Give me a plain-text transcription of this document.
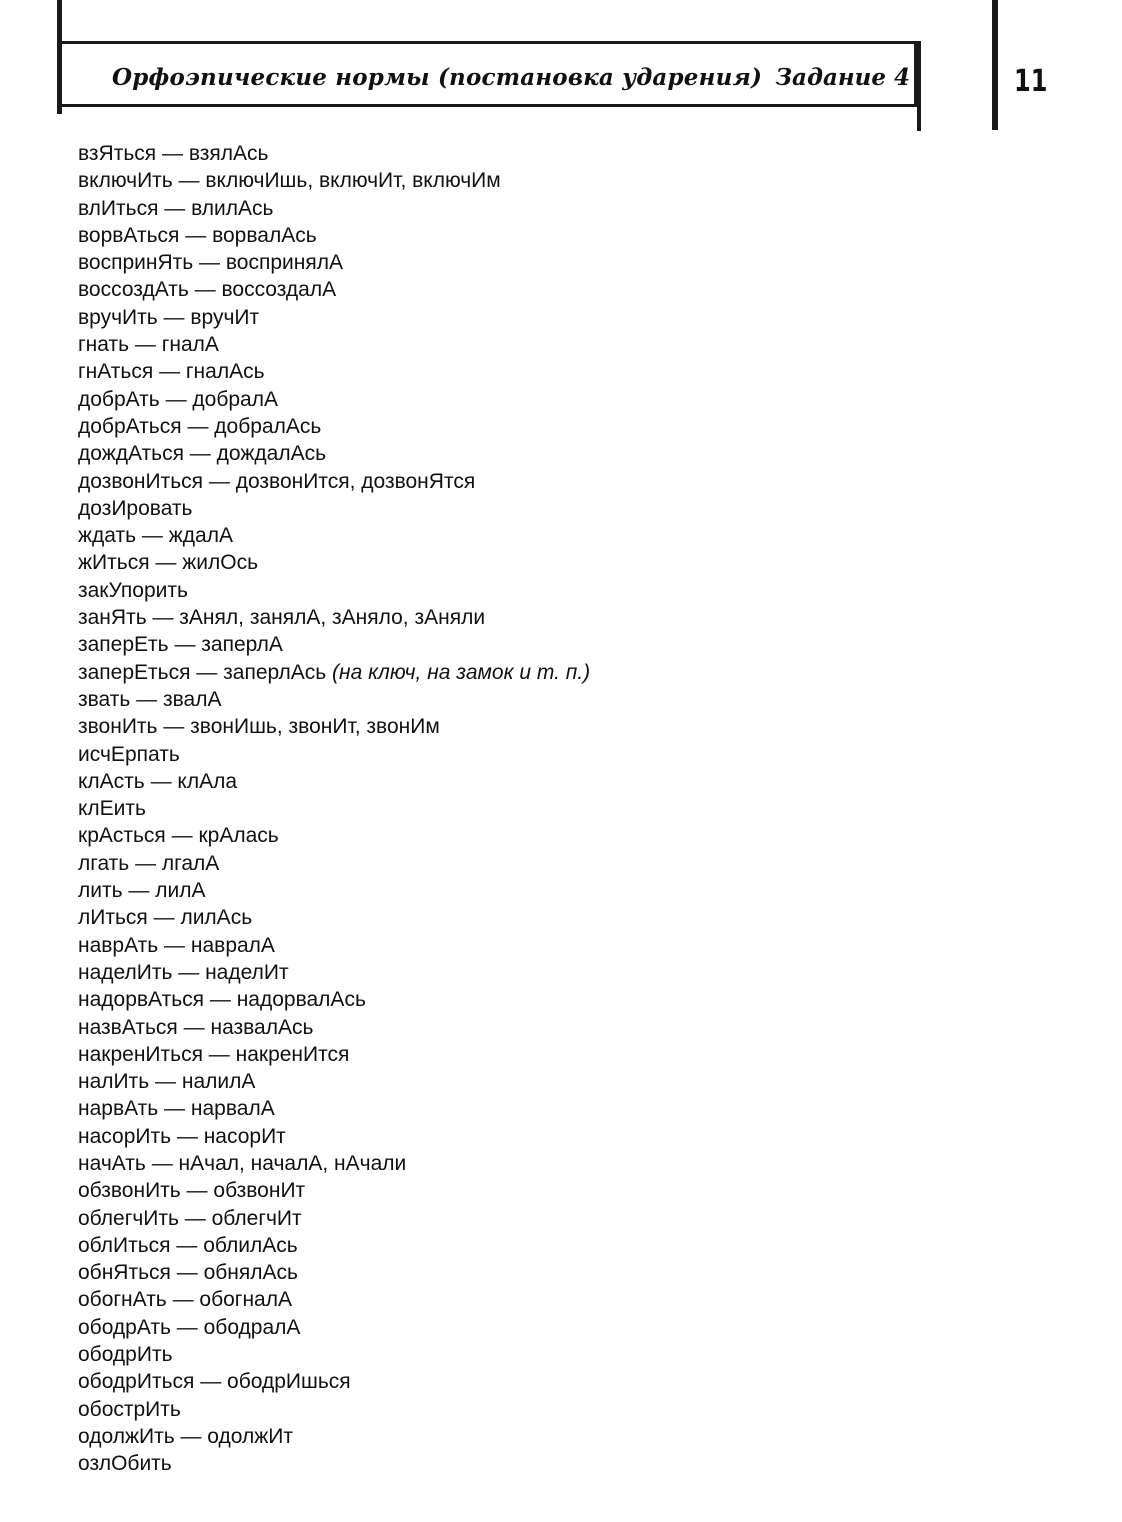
Орфоэпические нормы (постановка ударения) Задание 4	11
взЯться — взялАсь
включИть — включИшь, включИт, включИм
влИться — влилАсь
ворвАться — ворвалАсь
воспринЯть — восприня‌лА
воссоздАть — воссоздалА
вручИть — вручИт
гнать — гналА
гнАться — гналАсь
добрАть — добралА
добрАться — добралАсь
дождАться — дождалАсь
дозвонИться — дозвонИтся, дозвонЯтся
дозИровать
ждать — ждалА
жИться — жилОсь
закУпорить
занЯть — зАнял, занялА, зАняло, зАняли
заперЕть — заперлА
заперЕться — заперлАсь (на ключ, на замок и т. п.)
звать — звалА
звонИть — звонИшь, звонИт, звонИм
исчЕрпать
клАсть — клАла
клЕить
крАсться — крАлась
лгать — лгалА
лить — лилА
лИться — лилАсь
наврАть — навралА
наделИть — наделИт
надорвАться — надорвалАсь
назвАться — назвалАсь
накренИться — накренИтся
налИть — налилА
нарвАть — нарвалА
насорИть — насорИт
начАть — нАчал, началА, нАчали
обзвонИть — обзвонИт
облегчИть — облегчИт
облИться — облилАсь
обнЯться — обнялАсь
обогнАть — обогналА
ободрАть — ободралА
ободрИть
ободрИться — ободрИшься
обострИть
одолжИть — одолжИт
озлОбить
